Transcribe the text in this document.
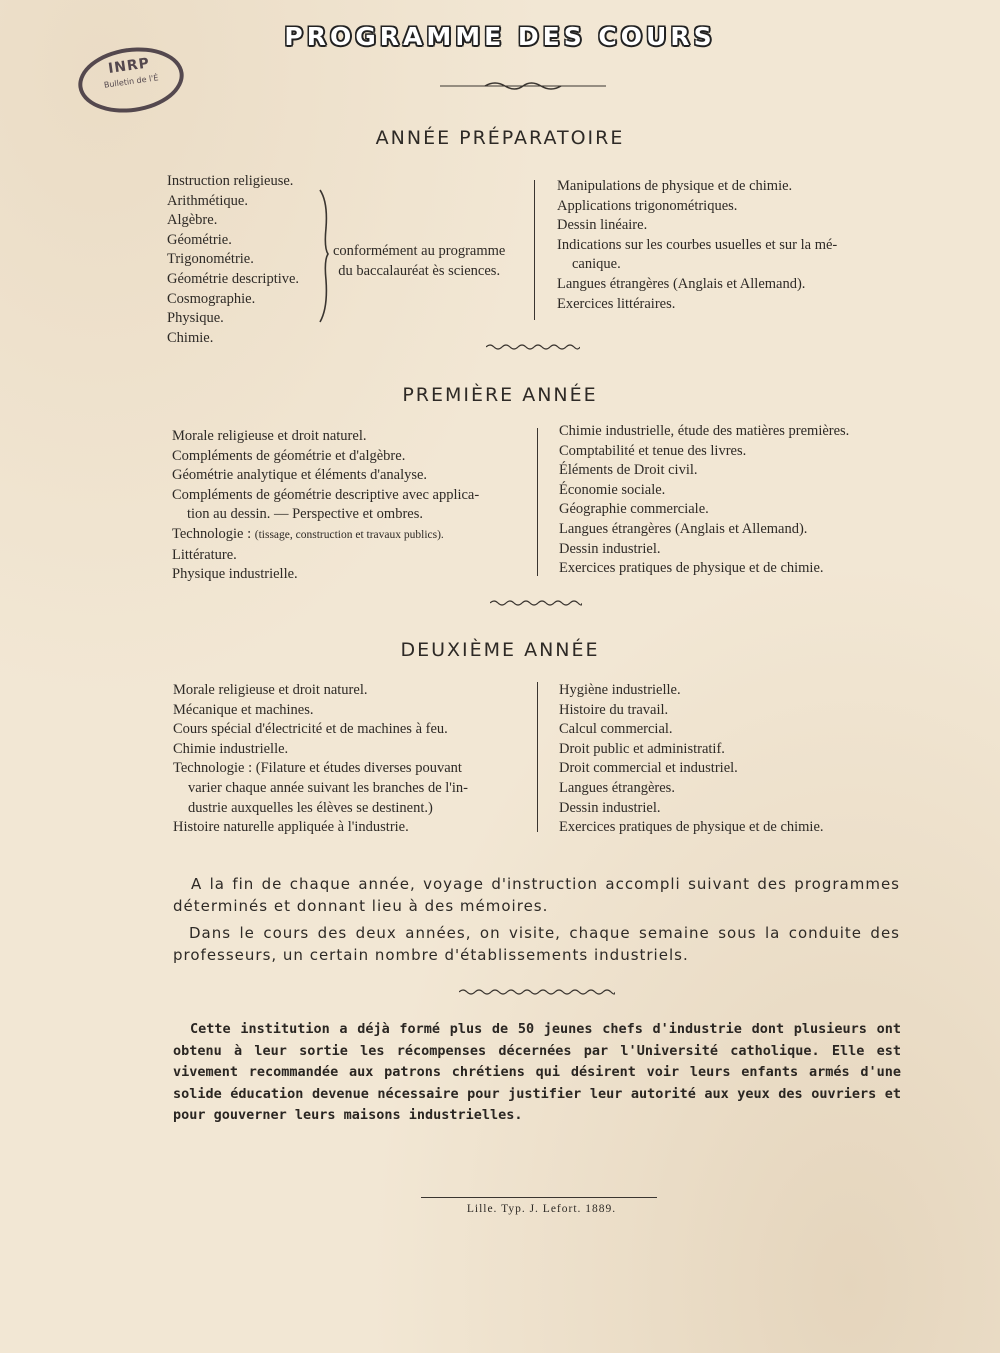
PROGRAMME DES COURS
INRP
Bulletin de l'É
ANNÉE PRÉPARATOIRE
Instruction religieuse.
Arithmétique.
Algèbre.
Géométrie.
Trigonométrie.
Géométrie descriptive.
Cosmographie.
Physique.
Chimie.
conformément au programme
du baccalauréat ès sciences.
Manipulations de physique et de chimie.
Applications trigonométriques.
Dessin linéaire.
Indications sur les courbes usuelles et sur la mé-
canique.
Langues étrangères (Anglais et Allemand).
Exercices littéraires.
PREMIÈRE ANNÉE
Morale religieuse et droit naturel.
Compléments de géométrie et d'algèbre.
Géométrie analytique et éléments d'analyse.
Compléments de géométrie descriptive avec applica-
tion au dessin. — Perspective et ombres.
Technologie : (tissage, construction et travaux publics).
Littérature.
Physique industrielle.
Chimie industrielle, étude des matières premières.
Comptabilité et tenue des livres.
Éléments de Droit civil.
Économie sociale.
Géographie commerciale.
Langues étrangères (Anglais et Allemand).
Dessin industriel.
Exercices pratiques de physique et de chimie.
DEUXIÈME ANNÉE
Morale religieuse et droit naturel.
Mécanique et machines.
Cours spécial d'électricité et de machines à feu.
Chimie industrielle.
Technologie : (Filature et études diverses pouvant
varier chaque année suivant les branches de l'in-
dustrie auxquelles les élèves se destinent.)
Histoire naturelle appliquée à l'industrie.
Hygiène industrielle.
Histoire du travail.
Calcul commercial.
Droit public et administratif.
Droit commercial et industriel.
Langues étrangères.
Dessin industriel.
Exercices pratiques de physique et de chimie.
A la fin de chaque année, voyage d'instruction accompli suivant des programmes déterminés et donnant lieu à des mémoires.
Dans le cours des deux années, on visite, chaque semaine sous la conduite des professeurs, un certain nombre d'établissements industriels.
Cette institution a déjà formé plus de 50 jeunes chefs d'industrie dont plusieurs ont obtenu à leur sortie les récompenses décernées par l'Université catholique. Elle est vivement recommandée aux patrons chrétiens qui désirent voir leurs enfants armés d'une solide éducation devenue nécessaire pour justifier leur autorité aux yeux des ouvriers et pour gouverner leurs maisons industrielles.
Lille. Typ. J. Lefort. 1889.
